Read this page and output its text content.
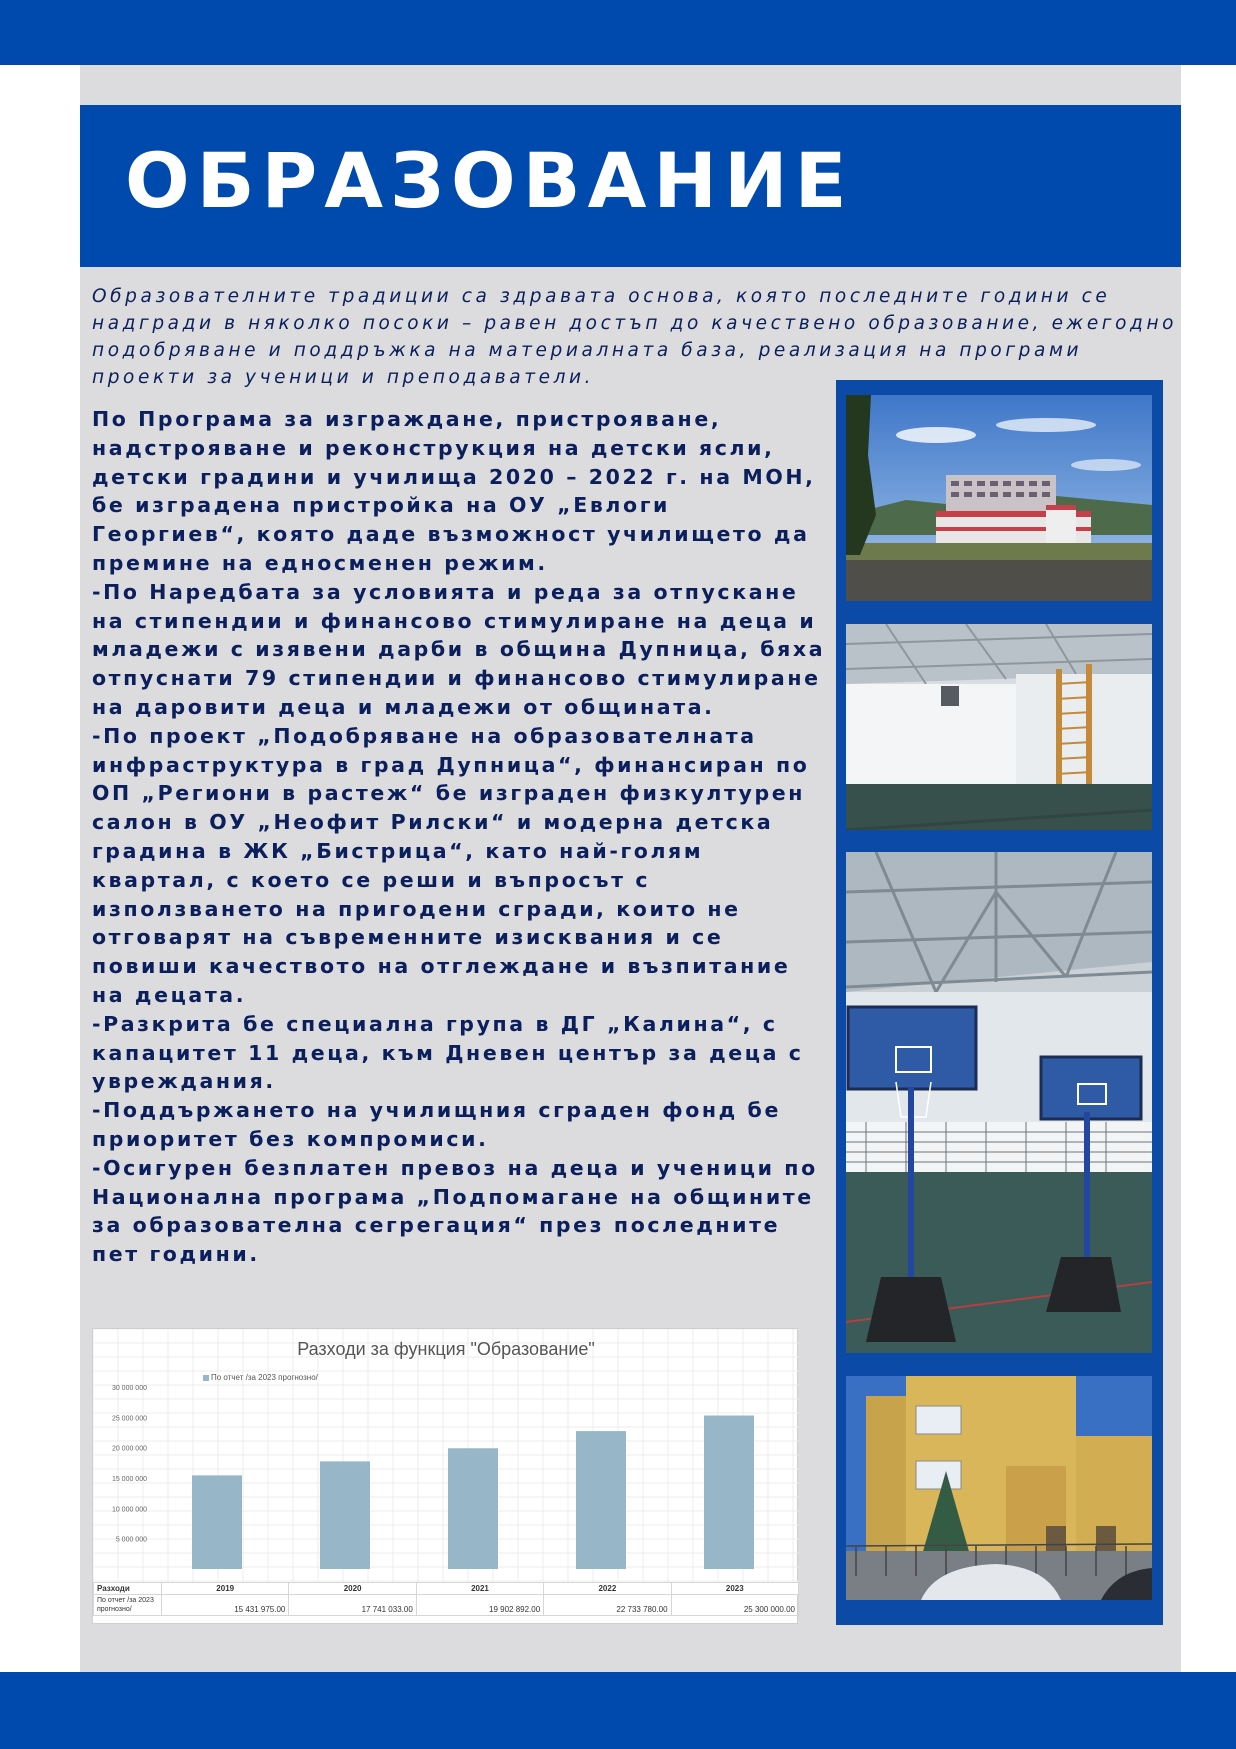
ОБРАЗОВАНИЕ
Образователните традиции са здравата основа, която последните години се надгради в няколко посоки – равен достъп до качествено образование, ежегодно подобряване и поддръжка на материалната база, реализация на програми проекти за ученици и преподаватели.

По Програма за изграждане, пристрояване, надстрояване и реконструкция на детски ясли, детски градини и училища 2020 – 2022 г. на МОН, бе изградена пристройка на ОУ „Евлоги Георгиев“, която даде възможност училището да премине на едносменен режим.

-По Наредбата за условията и реда за отпускане на стипендии и финансово стимулиране на деца и младежи с изявени дарби в община Дупница, бяха отпуснати 79 стипендии и финансово стимулиране на даровити деца и младежи от общината.

-По проект „Подобряване на образователната инфраструктура в град Дупница“, финансиран по ОП „Региони в растеж“ бе изграден физкултурен салон в ОУ „Неофит Рилски“ и модерна детска градина в ЖК „Бистрица“, като най-голям квартал, с което се реши и въпросът с използването на пригодени сгради, които не отговарят на съвременните изисквания и се повиши качеството на отглеждане и възпитание на децата.

-Разкрита бе специална група в ДГ „Калина“, с капацитет 11 деца, към Дневен център за деца с увреждания.

-Поддържането на училищния сграден фонд бе приоритет без компромиси.

-Осигурен безплатен превоз на деца и ученици по Национална програма „Подпомагане на общините за образователна сегрегация“ през последните пет години.

5 000 000
10 000 000
15 000 000
20 000 000
25 000 000
30 000 000
Разходи за функция "Образование"
По отчет /за 2023 прогнозно/
Разходи	2019	2020	2021	2022	2023
По отчет /за 2023 прогнозно/	15 431 975.00	17 741 033.00	19 902 892.00	22 733 780.00	25 300 000.00
